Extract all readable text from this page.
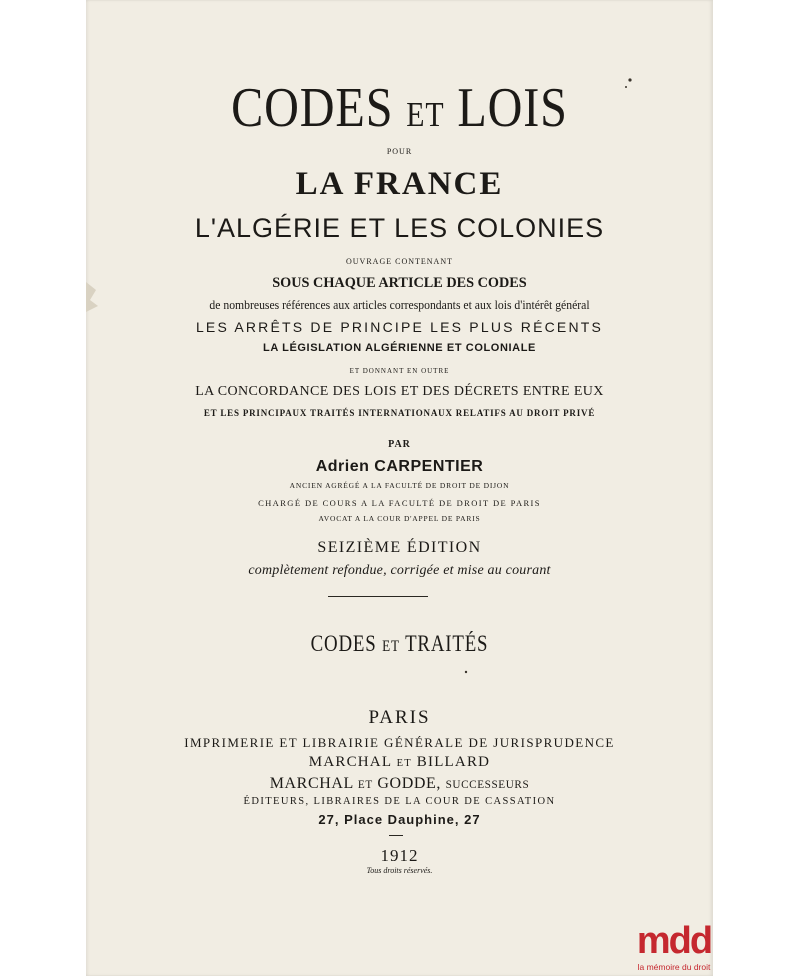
CODES ET LOIS
POUR
LA FRANCE
L'ALGÉRIE ET LES COLONIES
OUVRAGE CONTENANT
SOUS CHAQUE ARTICLE DES CODES
de nombreuses références aux articles correspondants et aux lois d'intérêt général
LES ARRÊTS DE PRINCIPE LES PLUS RÉCENTS
LA LÉGISLATION ALGÉRIENNE ET COLONIALE
ET DONNANT EN OUTRE
LA CONCORDANCE DES LOIS ET DES DÉCRETS ENTRE EUX
ET LES PRINCIPAUX TRAITÉS INTERNATIONAUX RELATIFS AU DROIT PRIVÉ
PAR
Adrien CARPENTIER
ANCIEN AGRÉGÉ A LA FACULTÉ DE DROIT DE DIJON
CHARGÉ DE COURS A LA FACULTÉ DE DROIT DE PARIS
AVOCAT A LA COUR D'APPEL DE PARIS
SEIZIÈME ÉDITION
complètement refondue, corrigée et mise au courant
CODES ET TRAITÉS
PARIS
IMPRIMERIE ET LIBRAIRIE GÉNÉRALE DE JURISPRUDENCE
MARCHAL ET BILLARD
MARCHAL ET GODDE, SUCCESSEURS
ÉDITEURS, LIBRAIRES DE LA COUR DE CASSATION
27, Place Dauphine, 27
1912
Tous droits réservés.
mdd
la mémoire du droit
